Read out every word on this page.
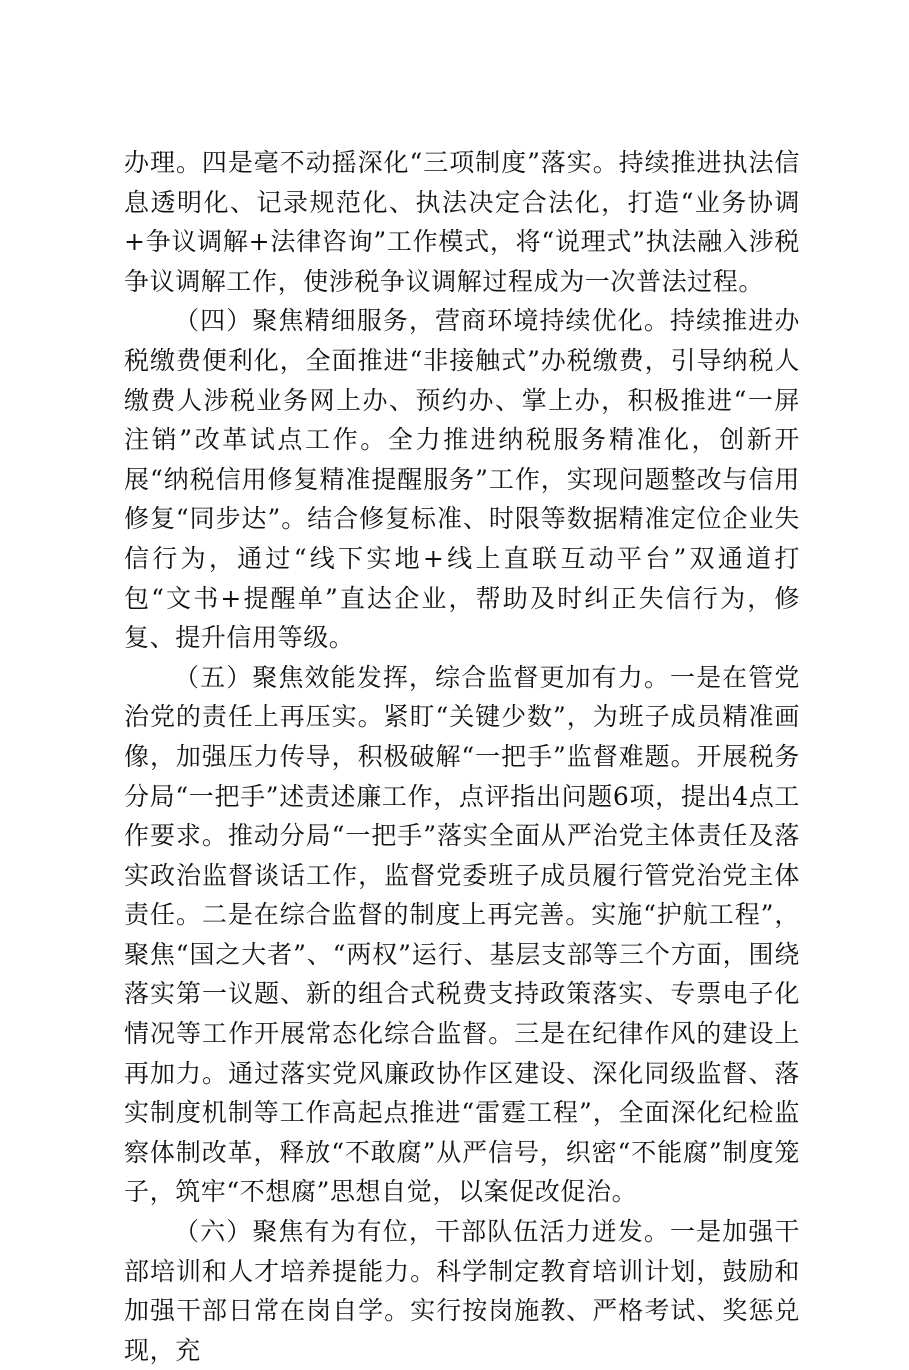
办理。四是毫不动摇深化“三项制度”落实。持续推进执法信息透明化、记录规范化、执法决定合法化，打造“业务协调+争议调解+法律咨询”工作模式，将“说理式”执法融入涉税争议调解工作，使涉税争议调解过程成为一次普法过程。

（四）聚焦精细服务，营商环境持续优化。持续推进办税缴费便利化，全面推进“非接触式”办税缴费，引导纳税人缴费人涉税业务网上办、预约办、掌上办，积极推进“一屏注销”改革试点工作。全力推进纳税服务精准化，创新开展“纳税信用修复精准提醒服务”工作，实现问题整改与信用修复“同步达”。结合修复标准、时限等数据精准定位企业失信行为，通过“线下实地+线上直联互动平台”双通道打包“文书+提醒单”直达企业，帮助及时纠正失信行为，修复、提升信用等级。

（五）聚焦效能发挥，综合监督更加有力。一是在管党治党的责任上再压实。紧盯“关键少数”，为班子成员精准画像，加强压力传导，积极破解“一把手”监督难题。开展税务分局“一把手”述责述廉工作，点评指出问题6项，提出4点工作要求。推动分局“一把手”落实全面从严治党主体责任及落实政治监督谈话工作，监督党委班子成员履行管党治党主体责任。二是在综合监督的制度上再完善。实施“护航工程”，聚焦“国之大者”、“两权”运行、基层支部等三个方面，围绕落实第一议题、新的组合式税费支持政策落实、专票电子化情况等工作开展常态化综合监督。三是在纪律作风的建设上再加力。通过落实党风廉政协作区建设、深化同级监督、落实制度机制等工作高起点推进“雷霆工程”，全面深化纪检监察体制改革，释放“不敢腐”从严信号，织密“不能腐”制度笼子，筑牢“不想腐”思想自觉，以案促改促治。

（六）聚焦有为有位，干部队伍活力迸发。一是加强干部培训和人才培养提能力。科学制定教育培训计划，鼓励和加强干部日常在岗自学。实行按岗施教、严格考试、奖惩兑现，充
